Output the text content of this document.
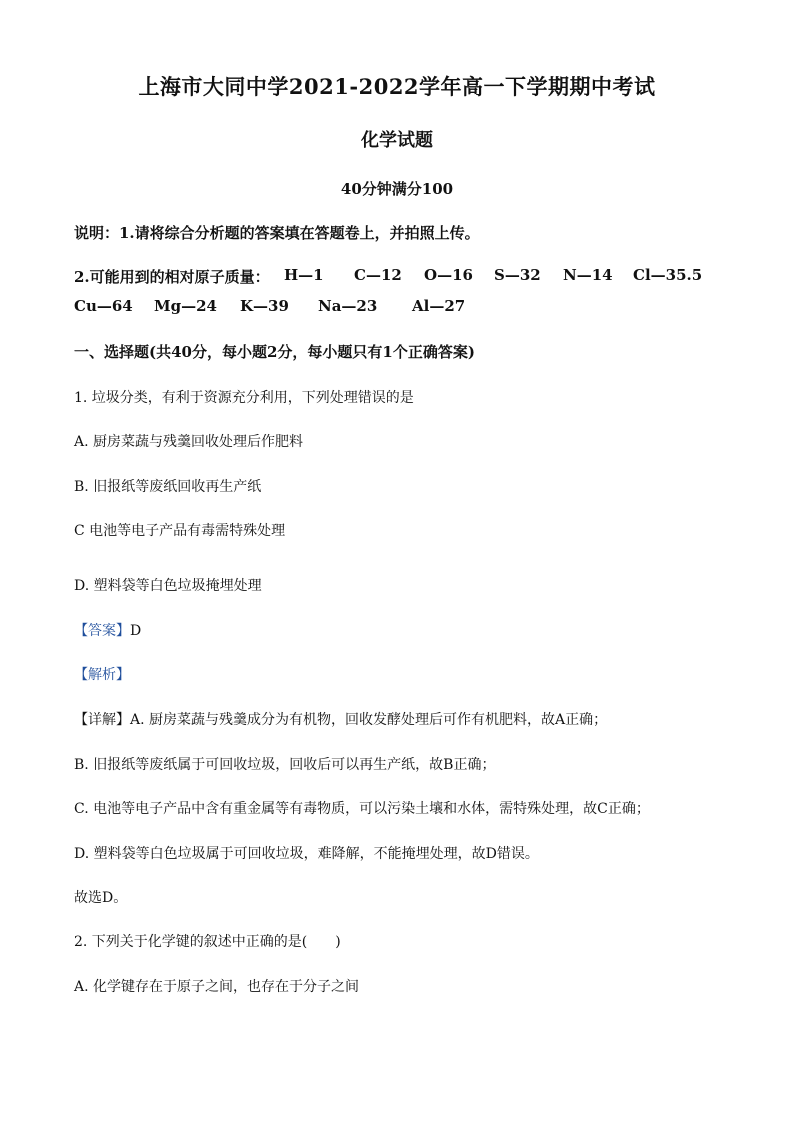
上海市大同中学2021-2022学年高一下学期期中考试
化学试题
40分钟满分100
说明：1.请将综合分析题的答案填在答题卷上，并拍照上传。
2.可能用到的相对原子质量： H—1 C—12 O—16 S—32 N—14 Cl—35.5
Cu—64 Mg—24 K—39 Na—23 Al—27
一、选择题(共40分，每小题2分，每小题只有1个正确答案)
1. 垃圾分类，有利于资源充分利用，下列处理错误的是
A. 厨房菜蔬与残羹回收处理后作肥料
B. 旧报纸等废纸回收再生产纸
C 电池等电子产品有毒需特殊处理
D. 塑料袋等白色垃圾掩埋处理
【答案】D
【解析】
【详解】A. 厨房菜蔬与残羹成分为有机物，回收发酵处理后可作有机肥料，故A正确；
B. 旧报纸等废纸属于可回收垃圾，回收后可以再生产纸，故B正确；
C. 电池等电子产品中含有重金属等有毒物质，可以污染土壤和水体，需特殊处理，故C正确；
D. 塑料袋等白色垃圾属于可回收垃圾，难降解，不能掩埋处理，故D错误。
故选D。
2. 下列关于化学键的叙述中正确的是(　　)
A. 化学键存在于原子之间，也存在于分子之间
